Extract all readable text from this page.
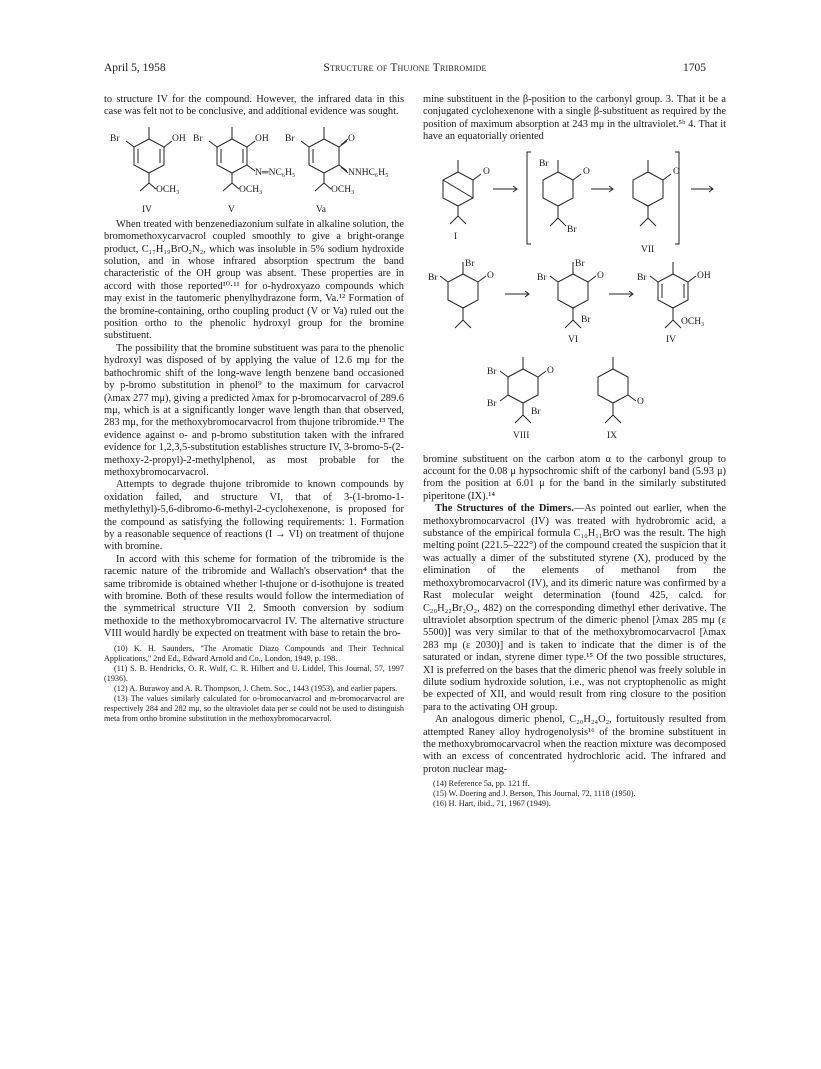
April 5, 1958	Structure of Thujone Tribromide	1705

to structure IV for the compound. However, the infrared data in this case was felt not to be conclusive, and additional evidence was sought.

Br	OH
OCH₃
Br	OH
N═NC₆H₅
OCH₃
Br	O
NNHC₆H₅
OCH₃
IV	V	Va

When treated with benzenediazonium sulfate in alkaline solution, the bromomethoxycarvacrol coupled smoothly to give a bright-orange product, C₁₇H₁₉BrO₂N₂, which was insoluble in 5% sodium hydroxide solution, and in whose infrared absorption spectrum the band characteristic of the OH group was absent. These properties are in accord with those reported¹⁰·¹¹ for o-hydroxyazo compounds which may exist in the tautomeric phenylhydrazone form, Va.¹² Formation of the bromine-containing, ortho coupling product (V or Va) ruled out the position ortho to the phenolic hydroxyl group for the bromine substituent.

The possibility that the bromine substituent was para to the phenolic hydroxyl was disposed of by applying the value of 12.6 mμ for the bathochromic shift of the long-wave length benzene band occasioned by p-bromo substitution in phenol⁹ to the maximum for carvacrol (λmax 277 mμ), giving a predicted λmax for p-bromocarvacrol of 289.6 mμ, which is at a significantly longer wave length than that observed, 283 mμ, for the methoxybromocarvacrol from thujone tribromide.¹³ The evidence against o- and p-bromo substitution taken with the infrared evidence for 1,2,3,5-substitution establishes structure IV, 3-bromo-5-(2-methoxy-2-propyl)-2-methylphenol, as most probable for the methoxybromocarvacrol.

Attempts to degrade thujone tribromide to known compounds by oxidation failed, and structure VI, that of 3-(1-bromo-1-methylethyl)-5,6-dibromo-6-methyl-2-cyclohexenone, is proposed for the compound as satisfying the following requirements: 1. Formation by a reasonable sequence of reactions (I → VI) on treatment of thujone with bromine.

In accord with this scheme for formation of the tribromide is the racemic nature of the tribromide and Wallach's observation⁴ that the same tribromide is obtained whether l-thujone or d-isothujone is treated with bromine. Both of these results would follow the intermediation of the symmetrical structure VII 2. Smooth conversion by sodium methoxide to the methoxybromocarvacrol IV. The alternative structure VIII would hardly be expected on treatment with base to retain the bro-

(10) K. H. Saunders, "The Aromatic Diazo Compounds and Their Technical Applications," 2nd Ed., Edward Arnold and Co., London, 1949, p. 198.

(11) S. B. Hendricks, O. R. Wulf, C. R. Hilbert and U. Liddel, This Journal, 57, 1997 (1936).

(12) A. Burawoy and A. R. Thompson, J. Chem. Soc., 1443 (1953), and earlier papers.

(13) The values similarly calculated for o-bromocarvacrol and m-bromocarvacrol are respectively 284 and 282 mμ, so the ultraviolet data per se could not be used to distinguish meta from ortho bromine substitution in the methoxybromocarvacrol.

mine substituent in the β-position to the carbonyl group. 3. That it be a conjugated cyclohexenone with a single β-substituent as required by the position of maximum absorption at 243 mμ in the ultraviolet.⁵ᵇ 4. That it have an equatorially oriented

O
I
Br
O
Br
O
VII
Br
Br
O	Br
Br
O
Br
VI
Br	OH
OCH₃
IV
Br	O
Br
Br
VIII
O
IX

bromine substituent on the carbon atom α to the carbonyl group to account for the 0.08 μ hypsochromic shift of the carbonyl band (5.93 μ) from the position at 6.01 μ for the band in the similarly substituted piperitone (IX).¹⁴

The Structures of the Dimers.—As pointed out earlier, when the methoxybromocarvacrol (IV) was treated with hydrobromic acid, a substance of the empirical formula C₁₀H₁₁BrO was the result. The high melting point (221.5–222°) of the compound created the suspicion that it was actually a dimer of the substituted styrene (X), produced by the elimination of the elements of methanol from the methoxybromocarvacrol (IV), and its dimeric nature was confirmed by a Rast molecular weight determination (found 425, calcd. for C₂₀H₂₂Br₂O₂, 482) on the corresponding dimethyl ether derivative. The ultraviolet absorption spectrum of the dimeric phenol [λmax 285 mμ (ε 5500)] was very similar to that of the methoxybromocarvacrol [λmax 283 mμ (ε 2030)] and is taken to indicate that the dimer is of the saturated or indan, styrene dimer type.¹⁵ Of the two possible structures, XI is preferred on the bases that the dimeric phenol was freely soluble in dilute sodium hydroxide solution, i.e., was not cryptophenolic as might be expected of XII, and would result from ring closure to the position para to the activating OH group.

An analogous dimeric phenol, C₂₀H₂₄O₂, fortuitously resulted from attempted Raney alloy hydrogenolysis¹⁶ of the bromine substituent in the methoxybromocarvacrol when the reaction mixture was decomposed with an excess of concentrated hydrochloric acid. The infrared and proton nuclear mag-

(14) Reference 5a, pp. 121 ff.

(15) W. Doering and J. Berson, This Journal, 72, 1118 (1950).

(16) H. Hart, ibid., 71, 1967 (1949).
